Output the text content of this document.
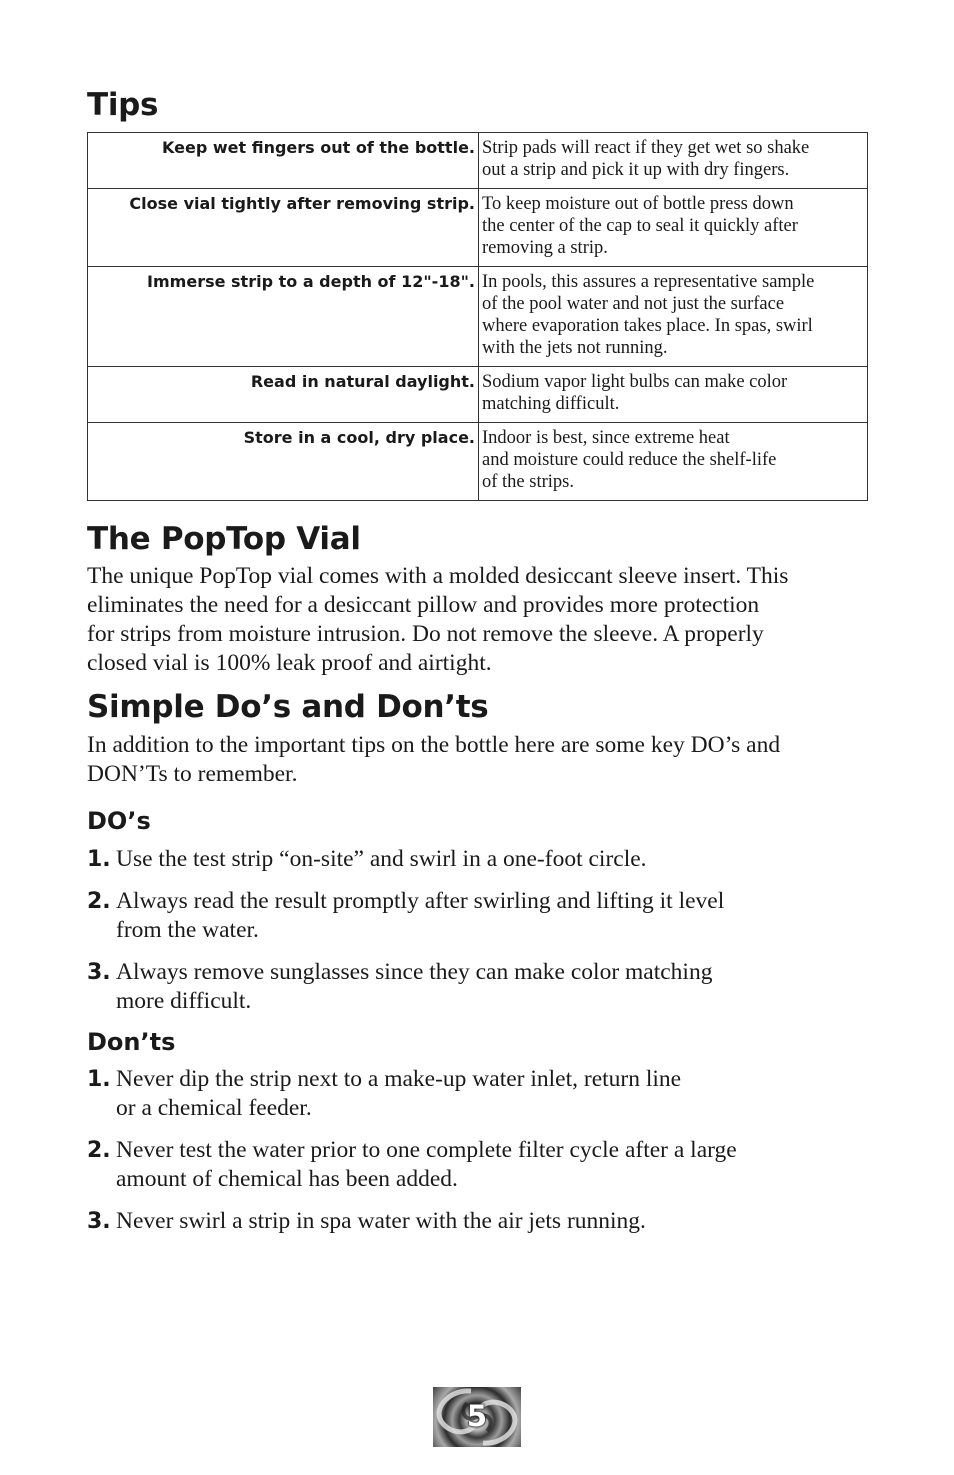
Tips
Keep wet fingers out of the bottle.	Strip pads will react if they get wet so shake
out a strip and pick it up with dry fingers.
Close vial tightly after removing strip.	To keep moisture out of bottle press down
the center of the cap to seal it quickly after
removing a strip.
Immerse strip to a depth of 12"-18".	In pools, this assures a representative sample
of the pool water and not just the surface
where evaporation takes place. In spas, swirl
with the jets not running.
Read in natural daylight.	Sodium vapor light bulbs can make color
matching difficult.
Store in a cool, dry place.	Indoor is best, since extreme heat
and moisture could reduce the shelf-life
of the strips.
The PopTop Vial

The unique PopTop vial comes with a molded desiccant sleeve insert. This
eliminates the need for a desiccant pillow and provides more protection
for strips from moisture intrusion. Do not remove the sleeve. A properly
closed vial is 100% leak proof and airtight.

Simple Do’s and Don’ts

In addition to the important tips on the bottle here are some key DO’s and
DON’Ts to remember.

DO’s
1. Use the test strip “on-site” and swirl in a one-foot circle.
2. Always read the result promptly after swirling and lifting it level
from the water.
3. Always remove sunglasses since they can make color matching
more difficult.
Don’ts
1. Never dip the strip next to a make-up water inlet, return line
or a chemical feeder.
2. Never test the water prior to one complete filter cycle after a large
amount of chemical has been added.
3. Never swirl a strip in spa water with the air jets running.
5
